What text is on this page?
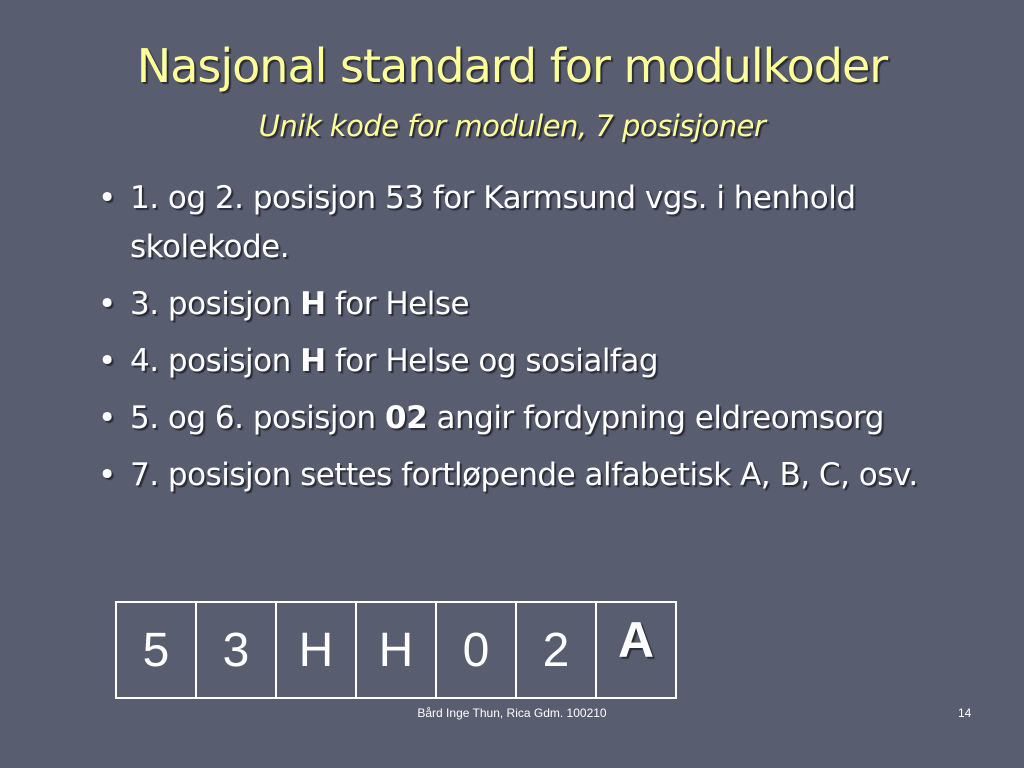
Nasjonal standard for modulkoder
Unik kode for modulen, 7 posisjoner
• 1. og 2. posisjon 53 for Karmsund vgs. i henhold skolekode.
• 3. posisjon H for Helse
• 4. posisjon H for Helse og sosialfag
• 5. og 6. posisjon 02 angir fordypning eldreomsorg
• 7. posisjon settes fortløpende alfabetisk A, B, C, osv.
5	3	H	H	0	2	A
Bård Inge Thun, Rica Gdm. 100210	14
